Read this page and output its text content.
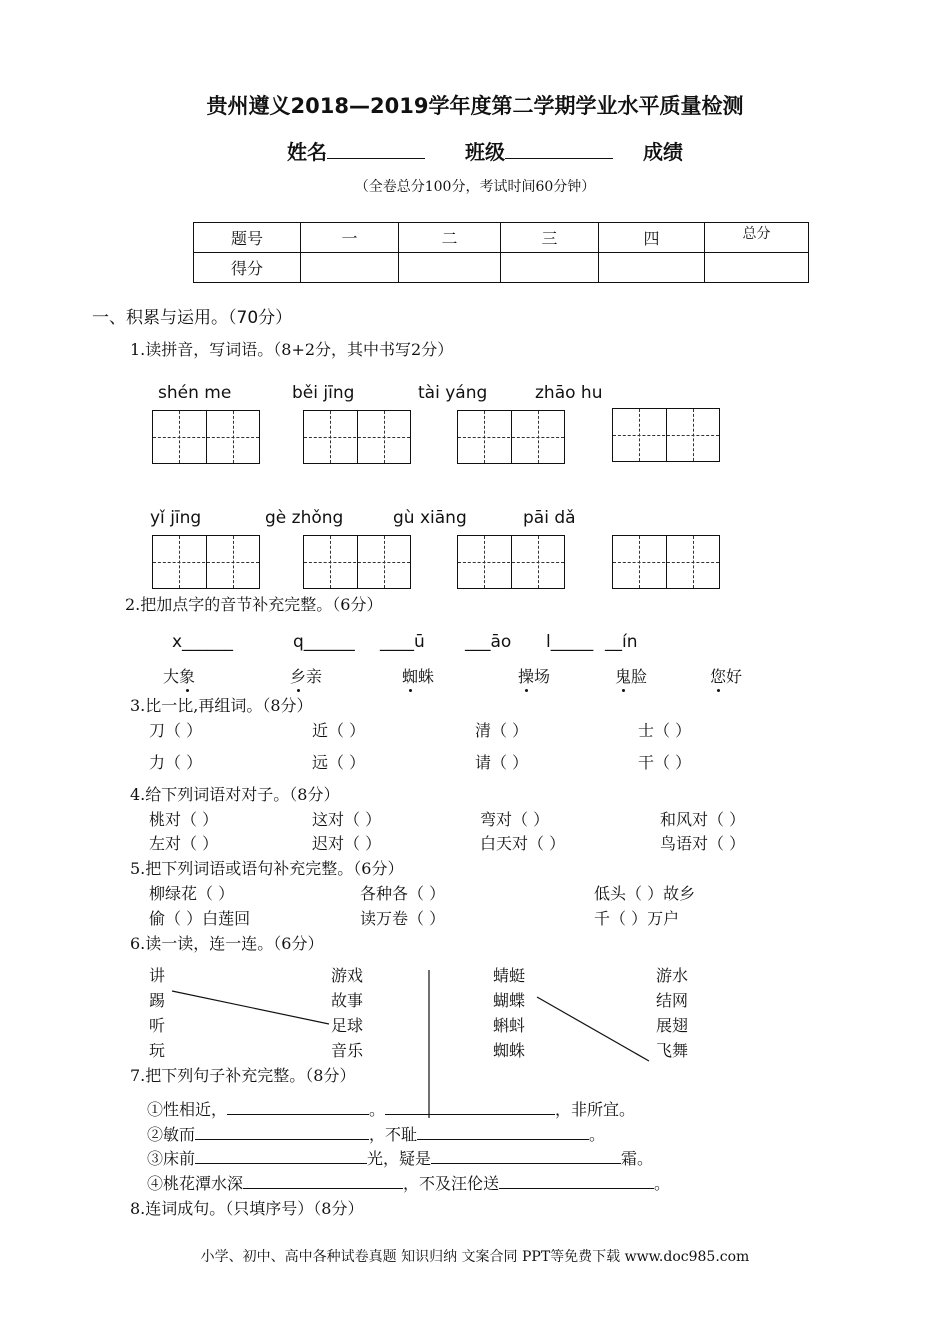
贵州遵义2018—2019学年度第二学期学业水平质量检测
姓名	班级	成绩
（全卷总分100分，考试时间60分钟）
题号	一	二	三	四	总分
得分					
一、积累与运用。（70分）
1.读拼音，写词语。（8+2分，其中书写2分）
shén me	běi jīng	tài yáng	zhāo hu
yǐ jīng	gè zhǒng	gù xiāng	pāi dǎ
2.把加点字的音节补充完整。（6分）
x______	q______ ____ū ___āo l_____ __ín
大象	乡亲	蜘蛛	操场	鬼脸	您好
3.比一比,再组词。（8分）
刀（ ）	近（ ）	清（ ）	士（ ）
力（ ）	远（ ）	请（ ）	干（ ）
4.给下列词语对对子。（8分）
桃对（ ）	这对（ ）	弯对（ ）	和风对（ ）
左对（ ）	迟对（ ）	白天对（ ）	鸟语对（ ）
5.把下列词语或语句补充完整。（6分）
柳绿花（ ）	各种各（ ）	低头（ ）故乡
偷（ ）白莲回	读万卷（ ）	千（ ）万户
6.读一读，连一连。（6分）
讲
踢
听
玩
游戏
故事
足球
音乐
蜻蜓
蝴蝶
蝌蚪
蜘蛛
游水
结网
展翅
飞舞
7.把下列句子补充完整。（8分）
①性相近，	。	，非所宜。
②敏而	，不耻	。
③床前	光，疑是	霜。
④桃花潭水深	，不及汪伦送	。
8.连词成句。（只填序号）（8分）
小学、初中、高中各种试卷真题 知识归纳 文案合同 PPT等免费下载 www.doc985.com
